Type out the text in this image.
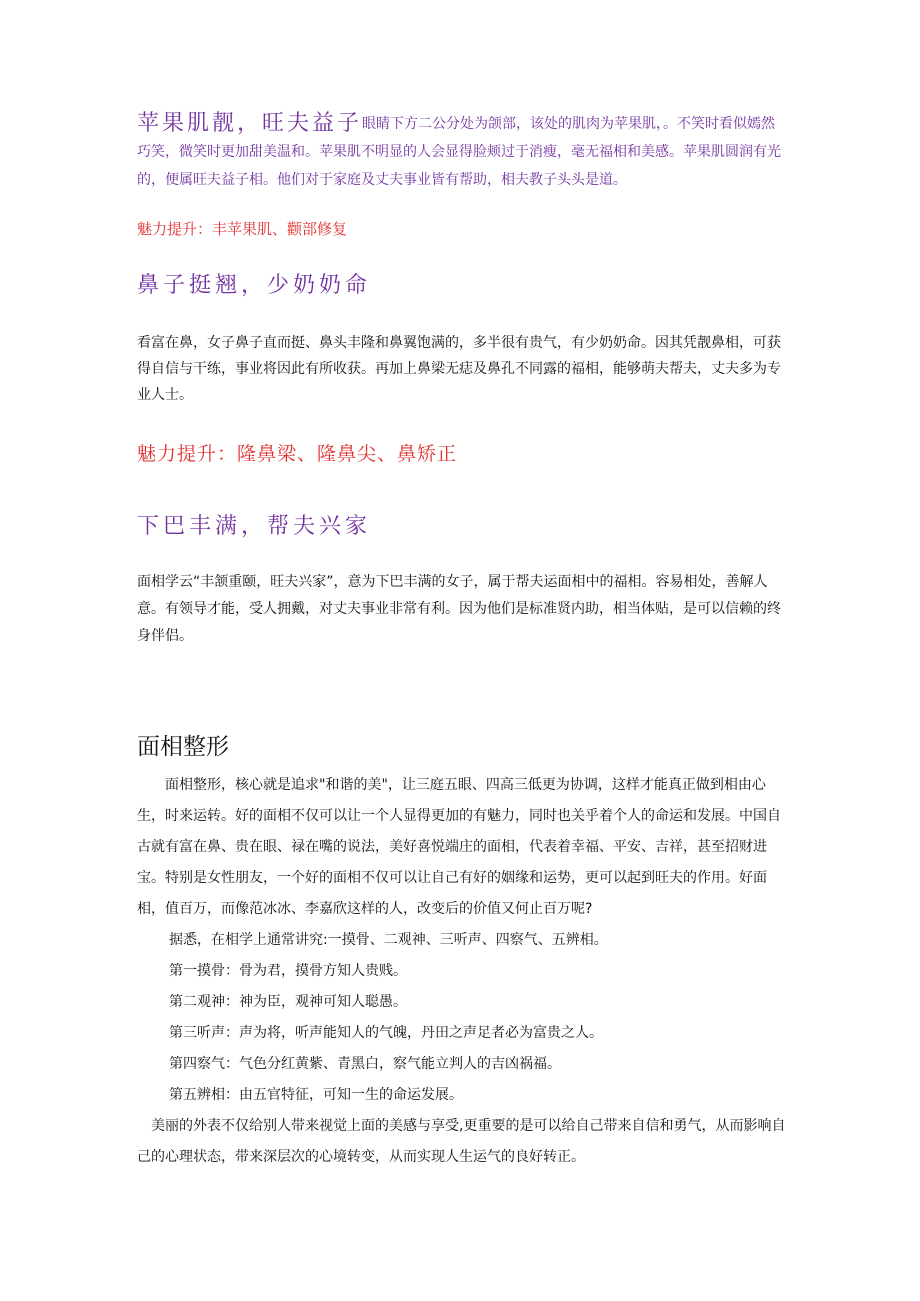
苹果肌靓，旺夫益子眼睛下方二公分处为颌部，该处的肌肉为苹果肌，。不笑时看似嫣然巧笑，微笑时更加甜美温和。苹果肌不明显的人会显得脸颊过于消瘦，毫无福相和美感。苹果肌圆润有光的，便属旺夫益子相。他们对于家庭及丈夫事业皆有帮助，相夫教子头头是道。

魅力提升：丰苹果肌、颧部修复

鼻子挺翘，少奶奶命

看富在鼻，女子鼻子直而挺、鼻头丰隆和鼻翼饱满的，多半很有贵气，有少奶奶命。因其凭靓鼻相，可获得自信与干练，事业将因此有所收获。再加上鼻梁无痣及鼻孔不同露的福相，能够萌夫帮夫，丈夫多为专业人士。

魅力提升：隆鼻梁、隆鼻尖、鼻矫正

下巴丰满，帮夫兴家

面相学云“丰颔重颐，旺夫兴家”，意为下巴丰满的女子，属于帮夫运面相中的福相。容易相处，善解人意。有领导才能，受人拥戴，对丈夫事业非常有利。因为他们是标准贤内助，相当体贴，是可以信赖的终身伴侣。

面相整形

面相整形，核心就是追求"和谐的美"，让三庭五眼、四高三低更为协调，这样才能真正做到相由心生，时来运转。好的面相不仅可以让一个人显得更加的有魅力，同时也关乎着个人的命运和发展。中国自古就有富在鼻、贵在眼、禄在嘴的说法，美好喜悦端庄的面相，代表着幸福、平安、吉祥，甚至招财进宝。特别是女性朋友，一个好的面相不仅可以让自己有好的姻缘和运势，更可以起到旺夫的作用。好面相，值百万，而像范冰冰、李嘉欣这样的人，改变后的价值又何止百万呢?

据悉，在相学上通常讲究:一摸骨、二观神、三听声、四察气、五辨相。

第一摸骨：骨为君，摸骨方知人贵贱。

第二观神：神为臣，观神可知人聪愚。

第三听声：声为将，听声能知人的气魄，丹田之声足者必为富贵之人。

第四察气：气色分红黄紫、青黑白，察气能立判人的吉凶祸福。

第五辨相：由五官特征，可知一生的命运发展。

美丽的外表不仅给别人带来视觉上面的美感与享受,更重要的是可以给自己带来自信和勇气，从而影响自己的心理状态，带来深层次的心境转变，从而实现人生运气的良好转正。
